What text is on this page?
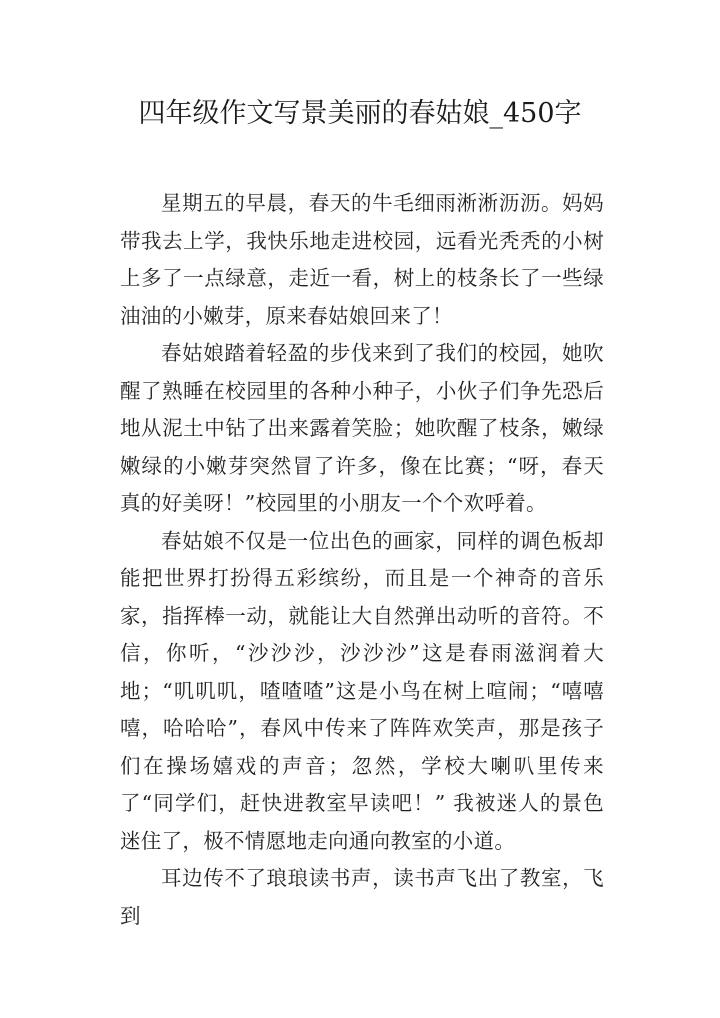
四年级作文写景美丽的春姑娘_450字

星期五的早晨，春天的牛毛细雨淅淅沥沥。妈妈带我去上学，我快乐地走进校园，远看光秃秃的小树上多了一点绿意，走近一看，树上的枝条长了一些绿油油的小嫩芽，原来春姑娘回来了！

春姑娘踏着轻盈的步伐来到了我们的校园，她吹醒了熟睡在校园里的各种小种子，小伙子们争先恐后地从泥土中钻了出来露着笑脸；她吹醒了枝条，嫩绿嫩绿的小嫩芽突然冒了许多，像在比赛；“呀，春天真的好美呀！”校园里的小朋友一个个欢呼着。

春姑娘不仅是一位出色的画家，同样的调色板却能把世界打扮得五彩缤纷，而且是一个神奇的音乐家，指挥棒一动，就能让大自然弹出动听的音符。不信，你听，“沙沙沙，沙沙沙”这是春雨滋润着大地；“叽叽叽，喳喳喳”这是小鸟在树上喧闹；“嘻嘻嘻，哈哈哈”，春风中传来了阵阵欢笑声，那是孩子们在操场嬉戏的声音；忽然，学校大喇叭里传来了“同学们，赶快进教室早读吧！” 我被迷人的景色迷住了，极不情愿地走向通向教室的小道。

耳边传不了琅琅读书声，读书声飞出了教室，飞到
